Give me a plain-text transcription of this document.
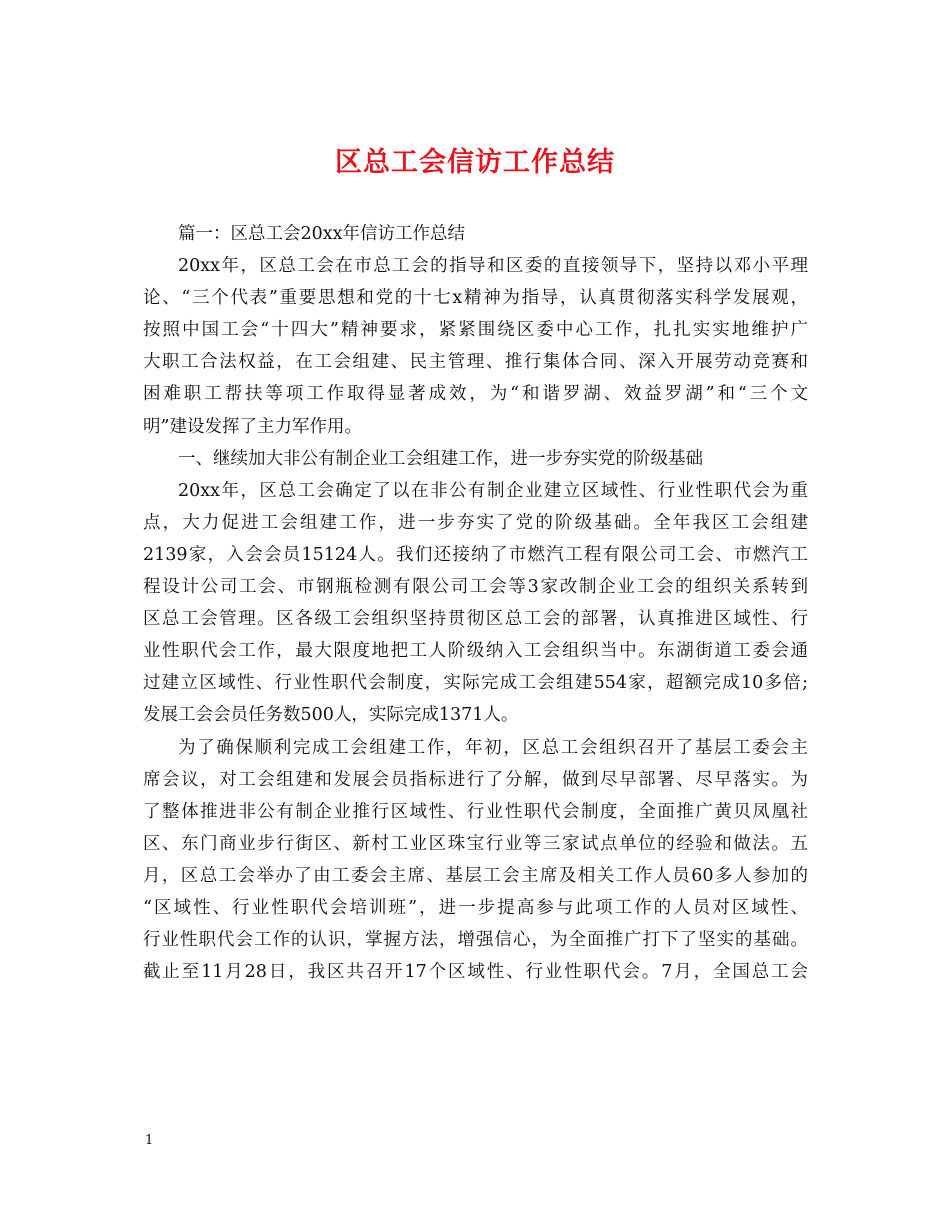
区总工会信访工作总结

篇一：区总工会20xx年信访工作总结

20xx年，区总工会在市总工会的指导和区委的直接领导下，坚持以邓小平理

论、“三个代表”重要思想和党的十七x精神为指导，认真贯彻落实科学发展观，

按照中国工会“十四大”精神要求，紧紧围绕区委中心工作，扎扎实实地维护广

大职工合法权益，在工会组建、民主管理、推行集体合同、深入开展劳动竞赛和

困难职工帮扶等项工作取得显著成效，为“和谐罗湖、效益罗湖”和“三个文

明”建设发挥了主力军作用。

一、继续加大非公有制企业工会组建工作，进一步夯实党的阶级基础

20xx年，区总工会确定了以在非公有制企业建立区域性、行业性职代会为重

点，大力促进工会组建工作，进一步夯实了党的阶级基础。全年我区工会组建

2139家，入会会员15124人。我们还接纳了市燃汽工程有限公司工会、市燃汽工

程设计公司工会、市钢瓶检测有限公司工会等3家改制企业工会的组织关系转到

区总工会管理。区各级工会组织坚持贯彻区总工会的部署，认真推进区域性、行

业性职代会工作，最大限度地把工人阶级纳入工会组织当中。东湖街道工委会通

过建立区域性、行业性职代会制度，实际完成工会组建554家，超额完成10多倍;

发展工会会员任务数500人，实际完成1371人。

为了确保顺利完成工会组建工作，年初，区总工会组织召开了基层工委会主

席会议，对工会组建和发展会员指标进行了分解，做到尽早部署、尽早落实。为

了整体推进非公有制企业推行区域性、行业性职代会制度，全面推广黄贝凤凰社

区、东门商业步行街区、新村工业区珠宝行业等三家试点单位的经验和做法。五

月，区总工会举办了由工委会主席、基层工会主席及相关工作人员60多人参加的

“区域性、行业性职代会培训班”，进一步提高参与此项工作的人员对区域性、

行业性职代会工作的认识，掌握方法，增强信心，为全面推广打下了坚实的基础。

截止至11月28日，我区共召开17个区域性、行业性职代会。7月，全国总工会

1
